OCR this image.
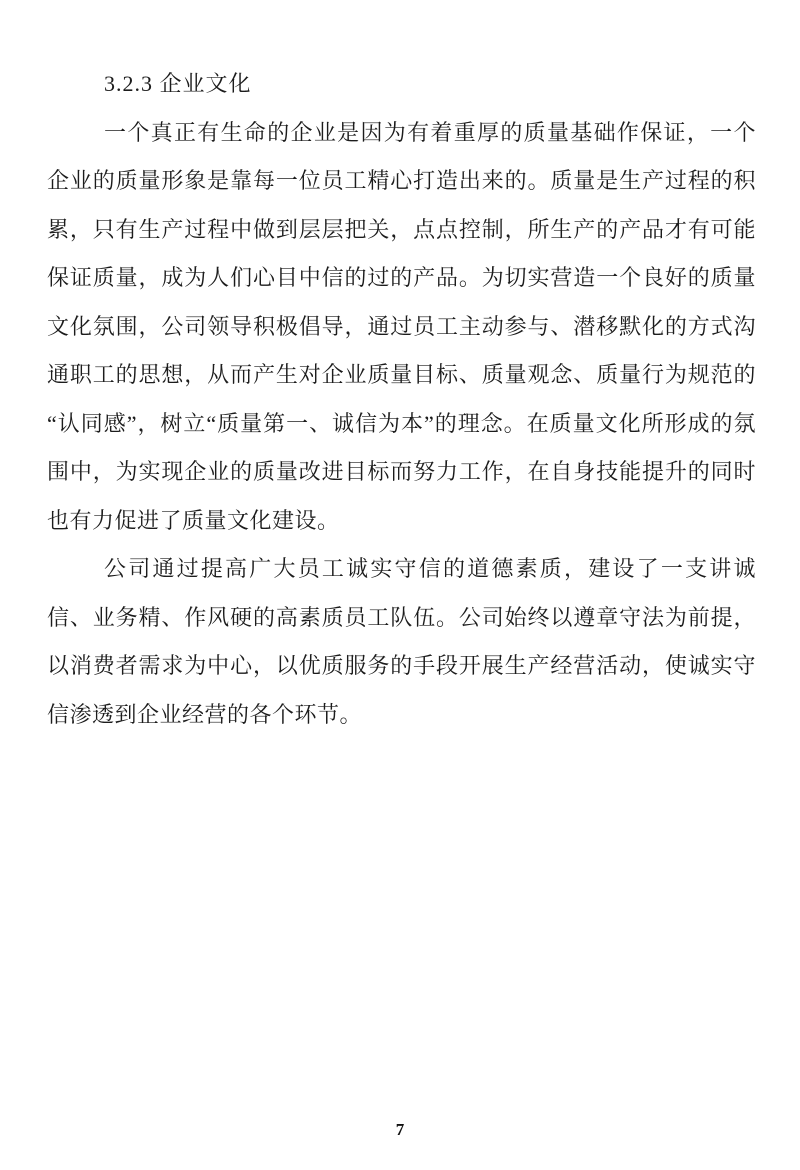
3.2.3 企业文化

一个真正有生命的企业是因为有着重厚的质量基础作保证，一个企业的质量形象是靠每一位员工精心打造出来的。质量是生产过程的积累，只有生产过程中做到层层把关，点点控制，所生产的产品才有可能保证质量，成为人们心目中信的过的产品。为切实营造一个良好的质量文化氛围，公司领导积极倡导，通过员工主动参与、潜移默化的方式沟通职工的思想，从而产生对企业质量目标、质量观念、质量行为规范的“认同感”，树立“质量第一、诚信为本”的理念。在质量文化所形成的氛围中，为实现企业的质量改进目标而努力工作，在自身技能提升的同时也有力促进了质量文化建设。

公司通过提高广大员工诚实守信的道德素质，建设了一支讲诚信、业务精、作风硬的高素质员工队伍。公司始终以遵章守法为前提，以消费者需求为中心，以优质服务的手段开展生产经营活动，使诚实守信渗透到企业经营的各个环节。

7
